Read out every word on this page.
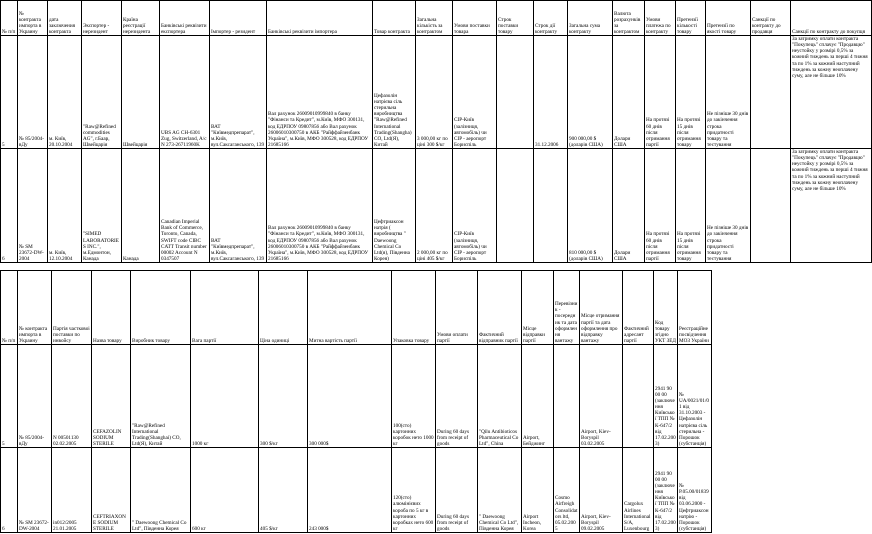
№ п/п	№ контракта импорта в Украину	дата заключения контракта	Экспортер - нерезидент	Країна реєстрації нерезидента	Банківські реквізити експортера	Імпортер - резидент	Банківські реквізити імпортера	Товар контракта	Загальна кількість за контрактом	Умови поставки товара	Строк поставки товару	Строк дії контракту	Загальна сума контракту	Валюта розрахунків за контрактом	Умови платежа по контракту	Претензії кількості товару	Претензії по якості товару	Санкції по контракту до продавця	Санкції по контракту до покупця
5	№ 85/2004-вДу	м. Київ, 20.10.2004	"Raw@Refined commodities AG", г.Баар, Швейцарія	Швейцарія	UBS AG CH-6301 Zug, Switzerland, A/c N 273-26711960K	ВАТ "Київмедпрепарат", м.Київ, вул.Саксаганського, 139	Вал рахунок 26009010999840 в банку "Фінанси та Кредит", м.Київ, МФО 300131, код ЕДРПОУ 09807856 або Вал рахунок 26006010300750 в АКБ "Райффайзенбанк Україна", м.Київ, МФО 300528, код ЕДРПОУ 21685166	Цефазолін натрієва сіль стерильна виробництва "Raw@Refined International Trading(Shangha) CO, Ltd(Я), Китай	3 000,00 кг по ціні 300 $/кг	CIP-Київ (залізниця, автомобіль) чи CIP - аеропорт Бориспіль		31.12.2006	900 000,00 $ (доларів США)	Долари США	На протязі 60 днів після отримання партії	На протязі 15 днів після отримання товару	Не пізніше 30 днів до закінчення строка придатності товару та тестування		За затримку оплати контракта "Покупець" сплачує "Продавцю" неустойку у розмірі 0,5% за кожний тиждень за перші 4 тижня та по 1% за кожний наступний тиждень за кожну неоплачену суму, але не більше 10%
6	№ SM 23672-DW-2004	м. Київ, 12.10.2004	"SIMED LABORATORIES INC.", м.Едмонтон, Канада	Канада	Canadian Imperial Bank of Commerce, Toronto, Canada, SWIFT code CIBC CATT Transit number 00002 Account N 0347507	ВАТ "Київмедпрепарат", м.Київ, вул.Саксаганського, 139	Вал рахунок 26009010999840 в банку "Фінанси та Кредит", м.Київ, МФО 300131, код ЕДРПОУ 09807856 або Вал рахунок 26006010300750 в АКБ "Райффайзенбанк Україна", м.Київ, МФО 300528, код ЕДРПОУ 21685166	Цефтриаксон натрія ( виробництва " Daewoong Chemical Co Ltd(я), Південна Корея)	2 000,00 кг по ціні 405 $/кг	CIP-Київ (залізниця, автомобіль) чи CIP - аеропорт Бориспіль			810 000,00 $ (доларів США)	Долари США	На протязі 60 днів після отримання партії	На протязі 15 днів після отримання товару	Не пізніше 30 днів до закінчення строка придатності товару та тестування		За затримку оплати контракта "Покупець" сплачує "Продавцю" неустойку у розмірі 0,5% за кожний тиждень за перші 4 тижня та по 1% за кожний наступний тиждень за кожну неоплачену суму, але не більше 10%
№ п/п	№ контракта импорта в Украину	Партія частковоі поставки по инвойсу	Назва товару	Виробник товару	Вага партії	Ціна одиниці	Митна вартість партії	Упаковка товару	Умови оплати партії	Фактичний відправник партії	Місце відправки партії	Перевізник - посередник та дата оформлення вантажу	Місце отримання партії та дата оформлення про відправку вантажу	Фактичний адресант партії	Код товару згідно УКТ ЗЕД	Реєстраційне посвідчення МОЗ України
5	№ 85/2004-вДу	N 00501130 02.02.2005	CEFAZOLIN SODIUM STERILE	"Raw@Refined International Trading(Shanghai) CO, Ltd(Я), Китай	1000 кг	300 $/кг	300 000$	100(сто) картонних коробок нето 1000 кг	During 60 days from receipt of goods	"Qilu Antibioticos Pharmaceutical Co Ltd", China	Airport, Бейджинг		Airport, Kiev-Boryspil 03.02.2005		2941 90 00 00 (заключення Київської ТПП № К-647/2 від 17.02.2003)	№ UA/0021/01/01 від 31.10.2003 - Цефазолін натрієва сіль стерильна - Порошок (субстанція)
6	№ SM 23672-DW-2004	in012/2005 21.01.2005	CEFTRIAXONE SODIUM STERILE	" Daewoong Chemical Co Ltd", Південна Корея	600 кг	405 $/кг	243 000$	120(сто) алюмінієвих короба по 5 кг в картонних коробках нето 600 кг	During 60 days from receipt of goods	" Daewoong Chemical Co Ltd", Південна Корея	Airport Incheon, Korea	Cosmo Airfreigh Consolidators ltd, 05.02.2005	Airport, Kiev-Boryspil 09.02.2005	Cargolux Airlines International S/A, Luxenbourg	2941 90 00 00 (заключення Київської ТПП № К-647/2 від 17.02.2003)	№ P.05.00/01839 від 03.06.2000 - Цефтриаксон натрію - Порошок (субстанція)
